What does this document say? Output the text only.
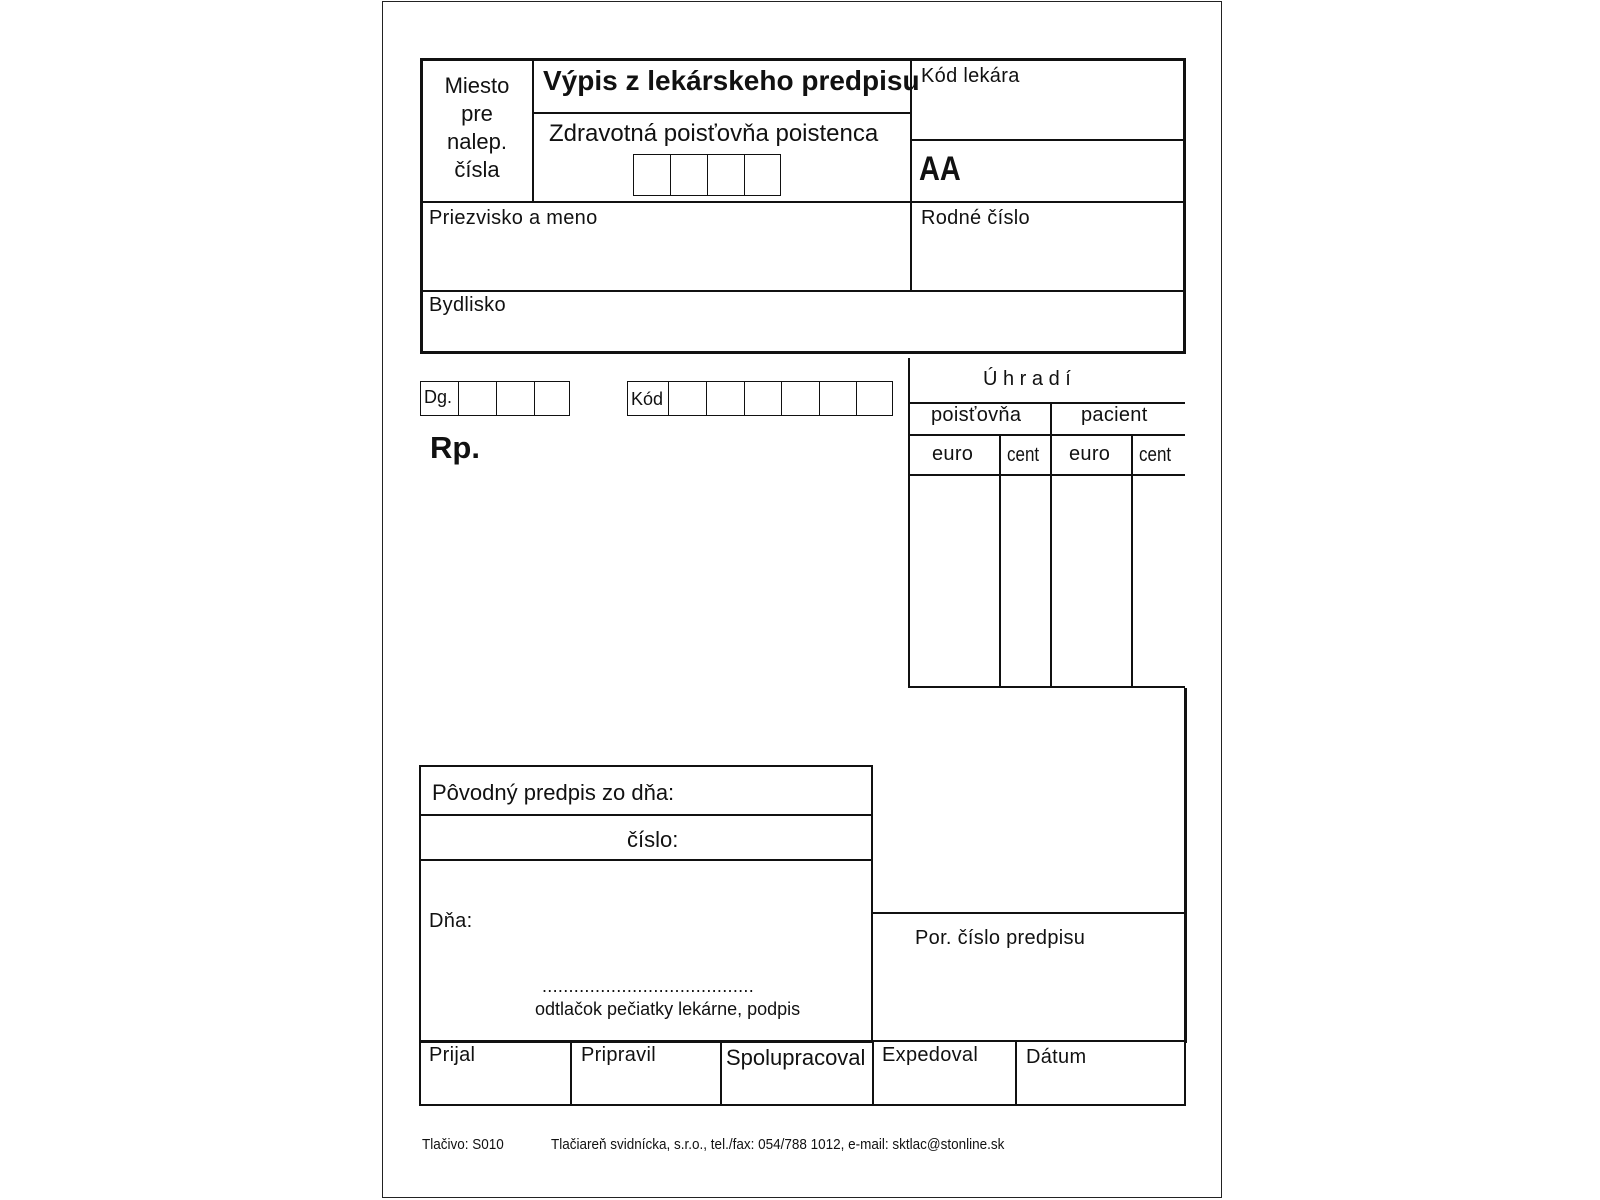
Miesto
pre
nalep.
čísla
Výpis z lekárskeho predpisu
Zdravotná poisťovňa poistenca
Kód lekára
AA
Priezvisko a meno	Rodné číslo
Bydlisko
Dg.	Kód
Rp.
Ú h r a d í
poisťovňa	pacient
euro cent euro cent
Pôvodný predpis zo dňa:
číslo:
Dňa:
........................................
odtlačok pečiatky lekárne, podpis
Por. číslo predpisu
Prijal	Pripravil	Spolupracoval Expedoval Dátum
Tlačivo: S010	Tlačiareň svidnícka, s.r.o., tel./fax: 054/788 1012, e-mail: sktlac@stonline.sk
